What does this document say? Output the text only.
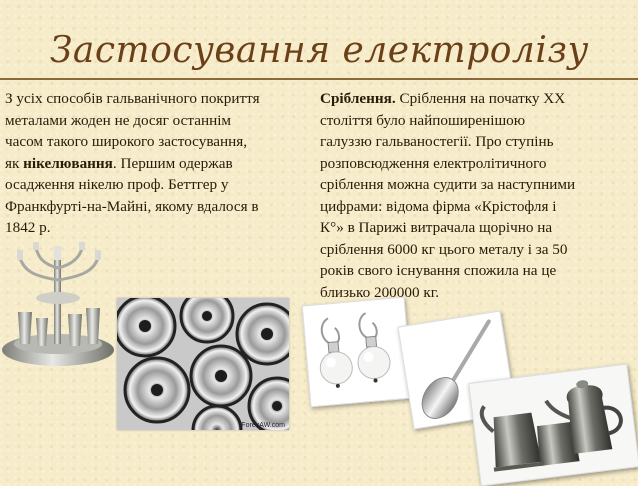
Застосування електролізу

З усіх способів гальванічного покриття
металами жоден не досяг останнім
часом такого широкого застосування,
як нікелювання. Першим одержав
осадження нікелю проф. Беттгер у
Франкфурті-на-Майні, якому вдалося в
1842 р.

Сріблення. Сріблення на початку XX
століття було найпоширенішою
галуззю гальваностегії. Про ступінь
розповсюдження електролітичного
сріблення можна судити за наступними
цифрами: відома фірма «Крістофля і
К°» в Парижі витрачала щорічно на
сріблення 6000 кг цього металу і за 50
років свого існування спожила на це
близько 200000 кг.

ForexAW.com
